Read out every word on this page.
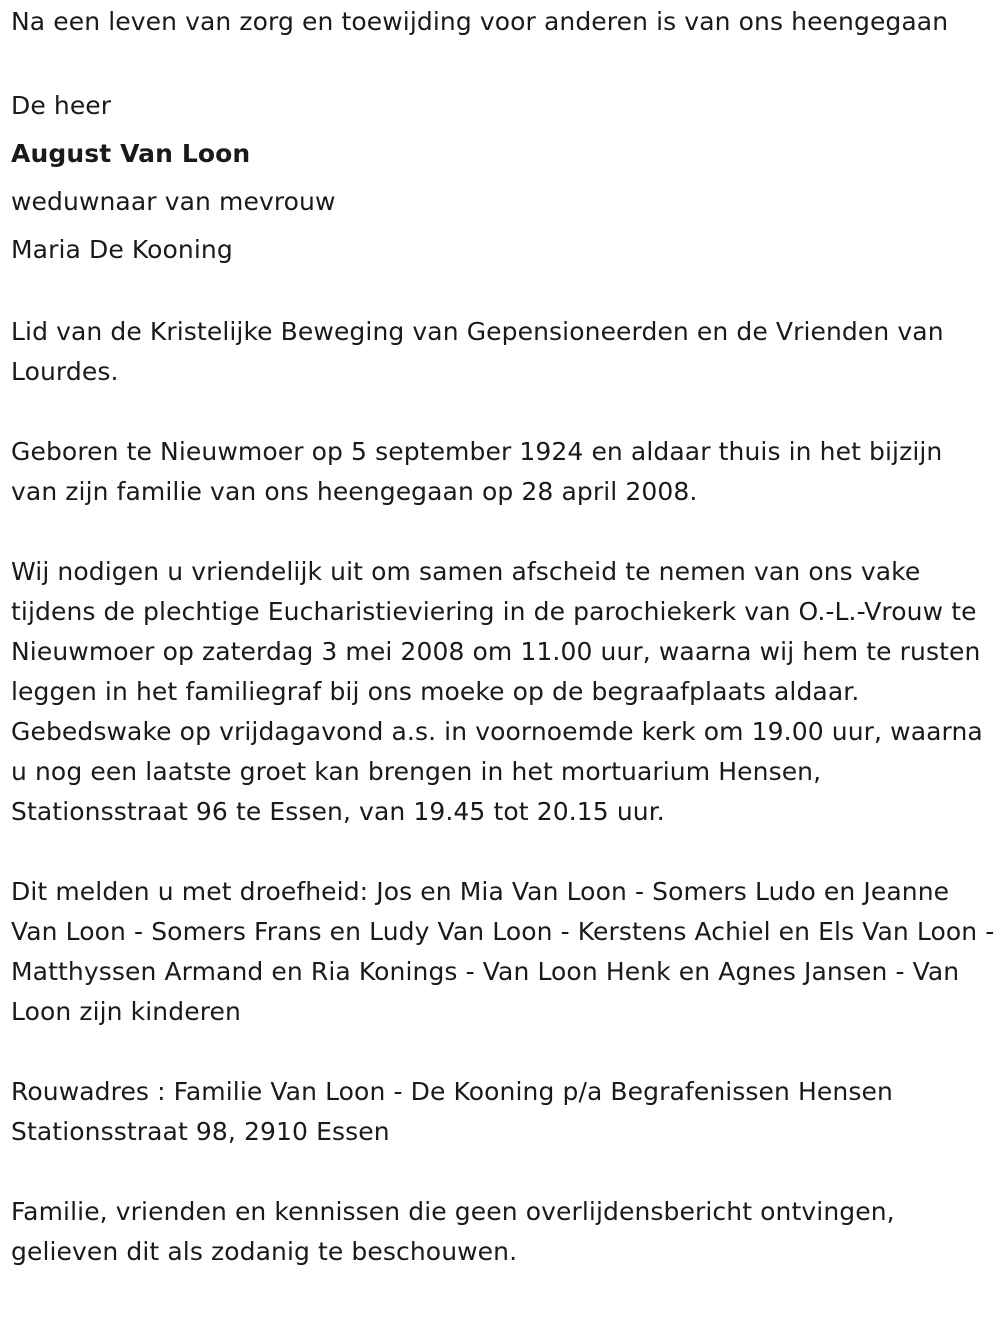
Na een leven van zorg en toewijding voor anderen is van ons heengegaan

De heer
August Van Loon
weduwnaar van mevrouw
Maria De Kooning

Lid van de Kristelijke Beweging van Gepensioneerden en de Vrienden van Lourdes.

Geboren te Nieuwmoer op 5 september 1924 en aldaar thuis in het bijzijn van zijn familie van ons heengegaan op 28 april 2008.

Wij nodigen u vriendelijk uit om samen afscheid te nemen van ons vake tijdens de plechtige Eucharistieviering in de parochiekerk van O.-L.-Vrouw te Nieuwmoer op zaterdag 3 mei 2008 om 11.00 uur, waarna wij hem te rusten leggen in het familiegraf bij ons moeke op de begraafplaats aldaar. Gebedswake op vrijdagavond a.s. in voornoemde kerk om 19.00 uur, waarna u nog een laatste groet kan brengen in het mortuarium Hensen, Stationsstraat 96 te Essen, van 19.45 tot 20.15 uur.

Dit melden u met droefheid: Jos en Mia Van Loon - Somers Ludo en Jeanne Van Loon - Somers Frans en Ludy Van Loon - Kerstens Achiel en Els Van Loon - Matthyssen Armand en Ria Konings - Van Loon Henk en Agnes Jansen - Van Loon zijn kinderen

Rouwadres : Familie Van Loon - De Kooning p/a Begrafenissen Hensen Stationsstraat 98, 2910 Essen

Familie, vrienden en kennissen die geen overlijdensbericht ontvingen, gelieven dit als zodanig te beschouwen.
